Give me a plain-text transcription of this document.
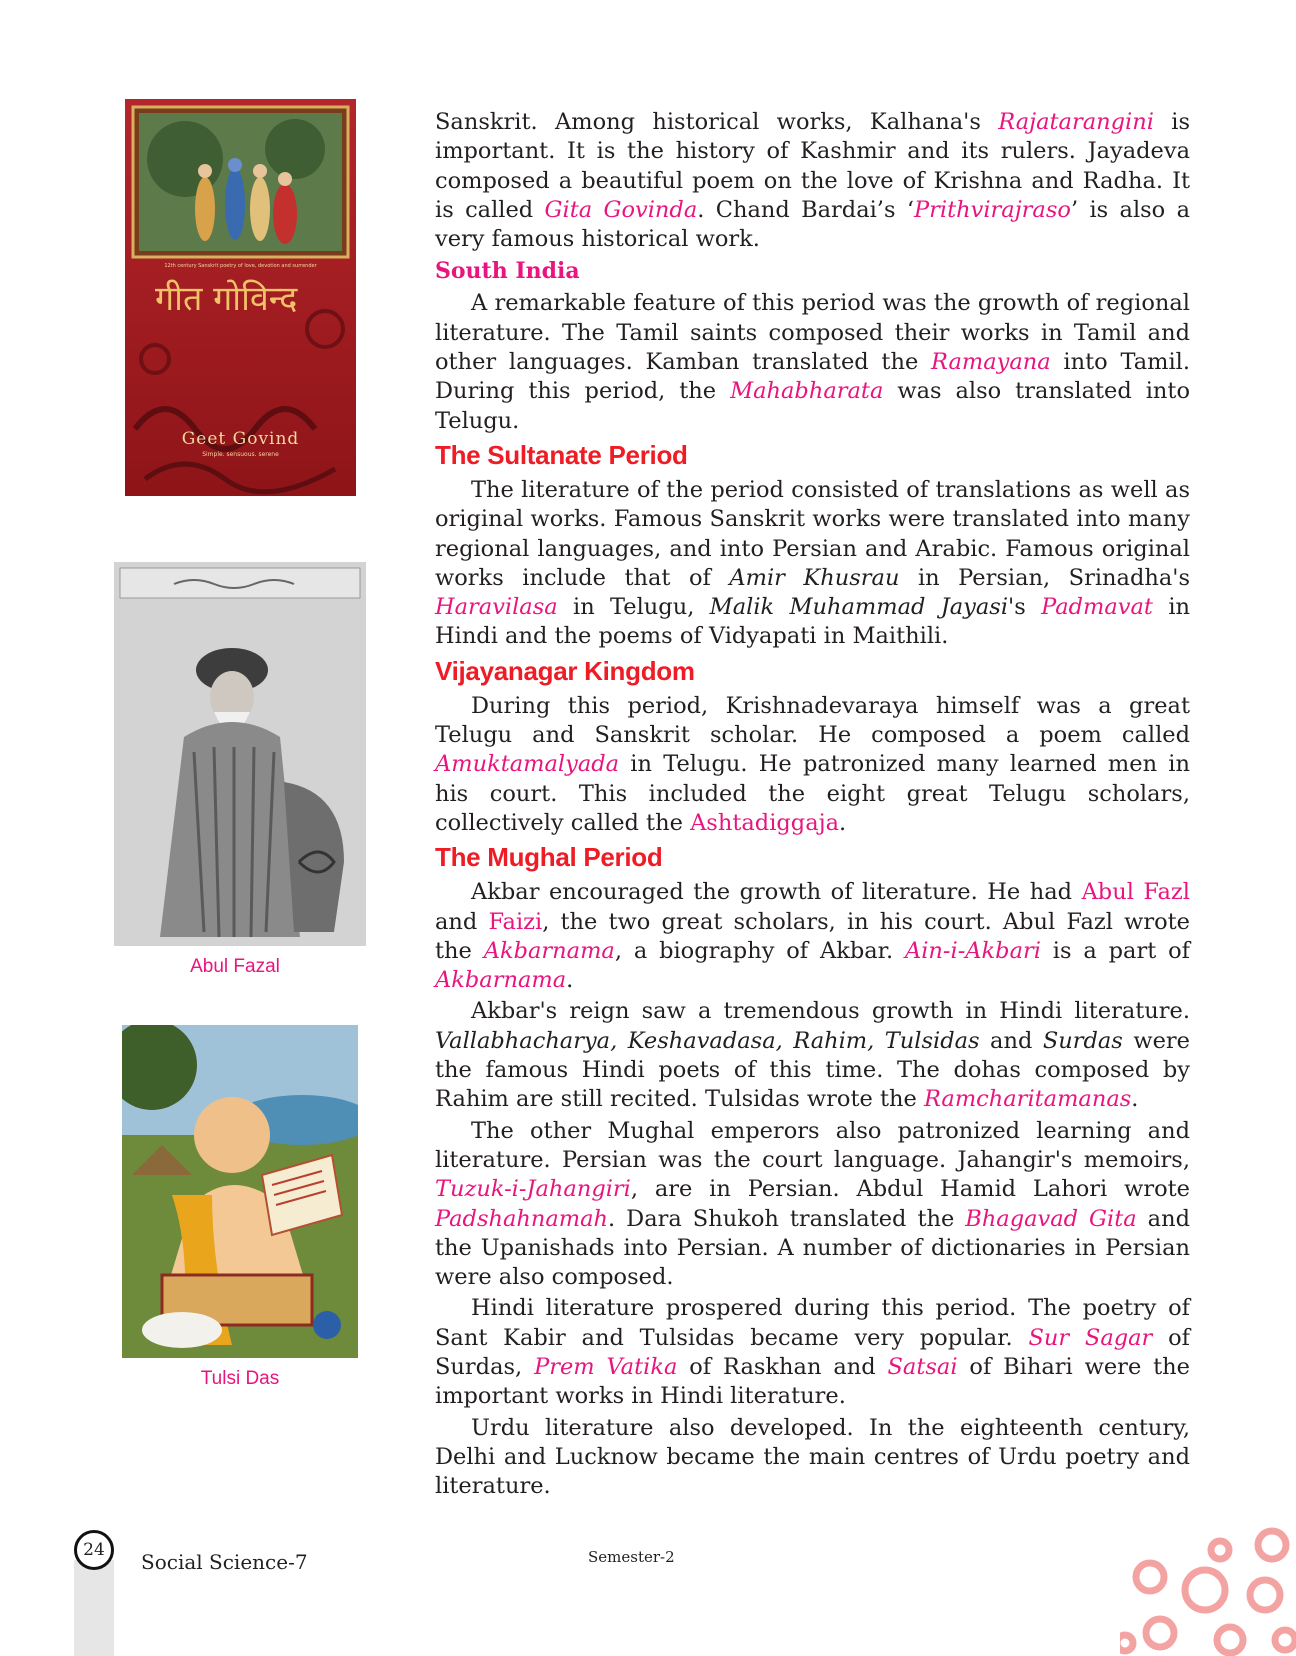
12th century Sanskrit poetry of love, devotion and surrender
गीत गोविन्द
Geet Govind
Simple. sensuous. serene
Abul Fazal
Tulsi Das

Sanskrit. Among historical works, Kalhana's Rajatarangini is important. It is the history of Kashmir and its rulers. Jayadeva composed a beautiful poem on the love of Krishna and Radha. It is called Gita Govinda. Chand Bardai’s ‘Prithvirajraso’ is also a very famous historical work.

South India

A remarkable feature of this period was the growth of regional literature. The Tamil saints composed their works in Tamil and other languages. Kamban translated the Ramayana into Tamil. During this period, the Mahabharata was also translated into Telugu.

The Sultanate Period

The literature of the period consisted of translations as well as original works. Famous Sanskrit works were translated into many regional languages, and into Persian and Arabic. Famous original works include that of Amir Khusrau in Persian, Srinadha's Haravilasa in Telugu, Malik Muhammad Jayasi's Padmavat in Hindi and the poems of Vidyapati in Maithili.

Vijayanagar Kingdom

During this period, Krishnadevaraya himself was a great Telugu and Sanskrit scholar. He composed a poem called Amuktamalyada in Telugu. He patronized many learned men in his court. This included the eight great Telugu scholars, collectively called the Ashtadiggaja.

The Mughal Period

Akbar encouraged the growth of literature. He had Abul Fazl and Faizi, the two great scholars, in his court. Abul Fazl wrote the Akbarnama, a biography of Akbar. Ain-i-Akbari is a part of Akbarnama.

Akbar's reign saw a tremendous growth in Hindi literature. Vallabhacharya, Keshavadasa, Rahim, Tulsidas and Surdas were the famous Hindi poets of this time. The dohas composed by Rahim are still recited. Tulsidas wrote the Ramcharitamanas.

The other Mughal emperors also patronized learning and literature. Persian was the court language. Jahangir's memoirs, Tuzuk-i-Jahangiri, are in Persian. Abdul Hamid Lahori wrote Padshahnamah. Dara Shukoh translated the Bhagavad Gita and the Upanishads into Persian. A number of dictionaries in Persian were also composed.

Hindi literature prospered during this period. The poetry of Sant Kabir and Tulsidas became very popular. Sur Sagar of Surdas, Prem Vatika of Raskhan and Satsai of Bihari were the important works in Hindi literature.

Urdu literature also developed. In the eighteenth century, Delhi and Lucknow became the main centres of Urdu poetry and literature.

24	Social Science-7	Semester-2
